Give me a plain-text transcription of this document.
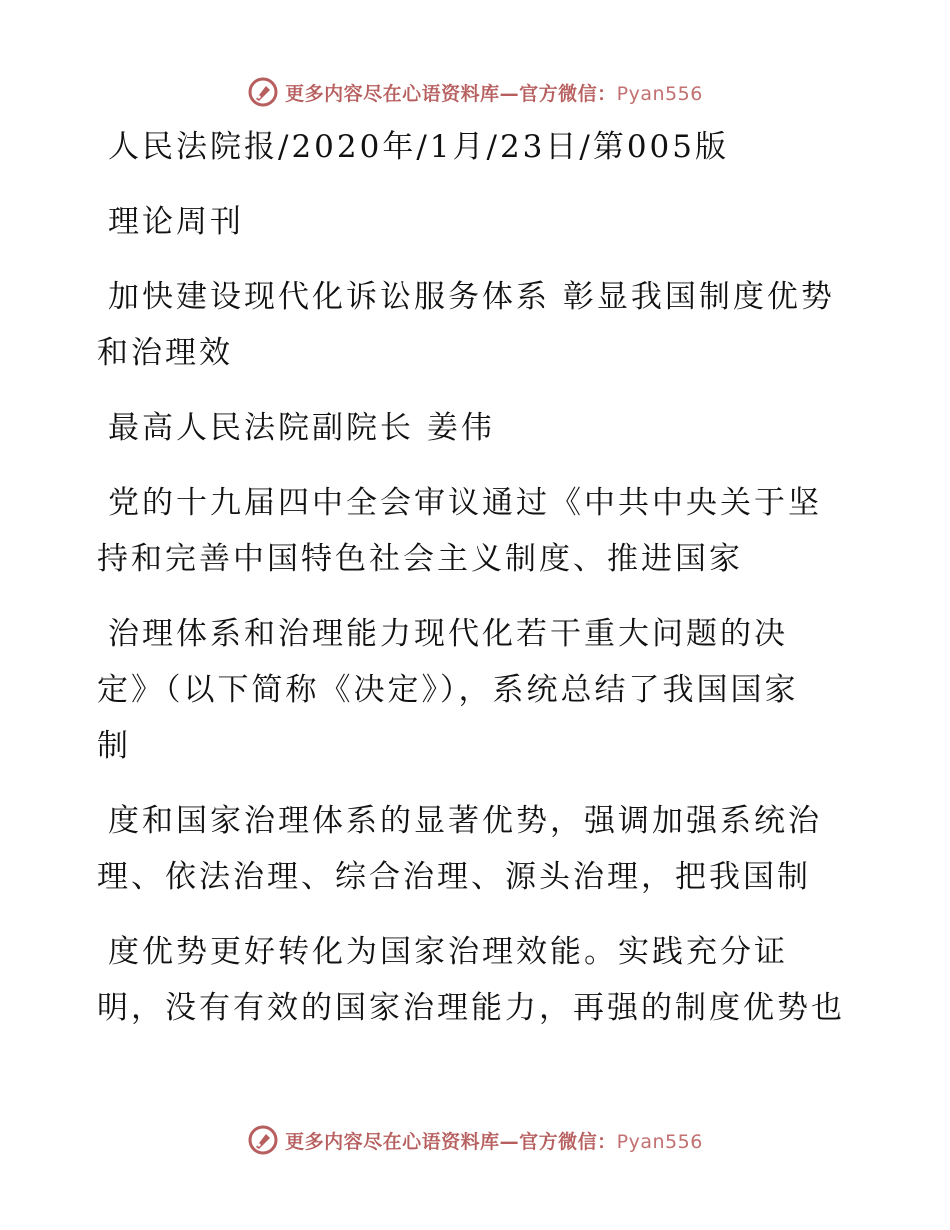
更多内容尽在心语资料库—官方微信：Pyan556
人民法院报/2020年/1月/23日/第005版
理论周刊
加快建设现代化诉讼服务体系 彰显我国制度优势
和治理效
最高人民法院副院长 姜伟
党的十九届四中全会审议通过《中共中央关于坚
持和完善中国特色社会主义制度、推进国家
治理体系和治理能力现代化若干重大问题的决
定》（以下简称《决定》），系统总结了我国国家
制
度和国家治理体系的显著优势，强调加强系统治
理、依法治理、综合治理、源头治理，把我国制
度优势更好转化为国家治理效能。实践充分证
明，没有有效的国家治理能力，再强的制度优势也
更多内容尽在心语资料库—官方微信：Pyan556
